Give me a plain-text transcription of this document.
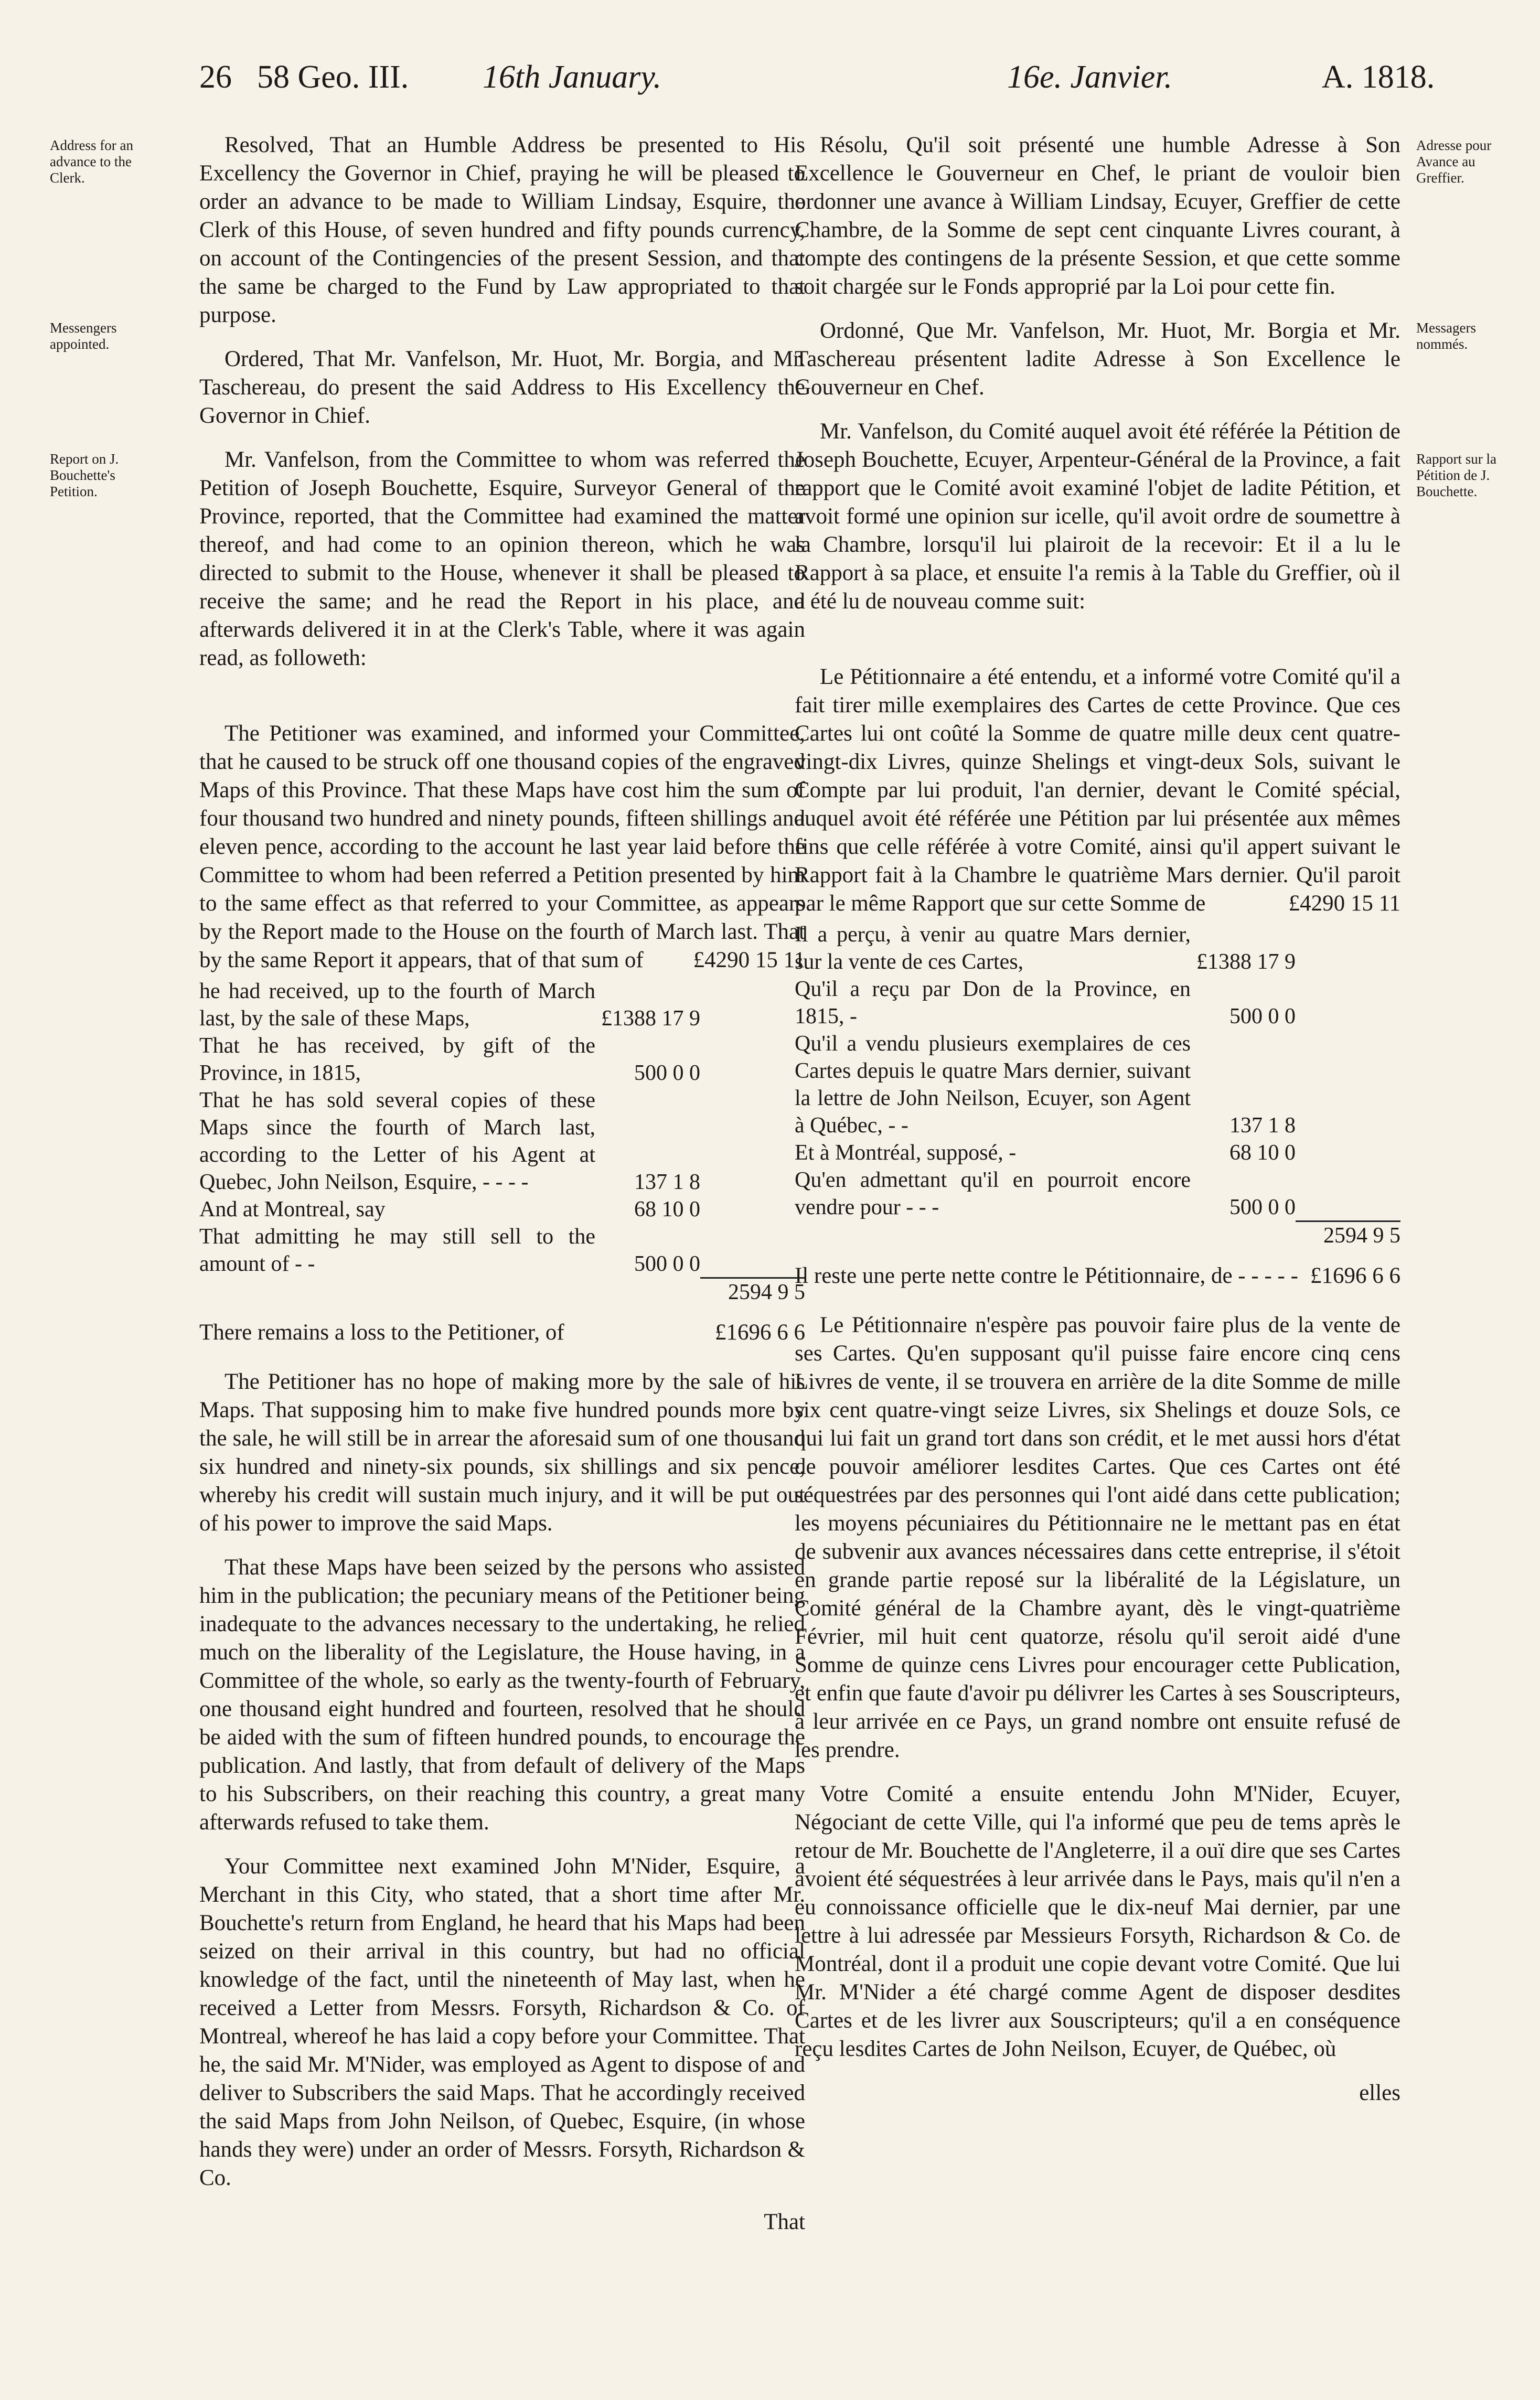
26 58 Geo. III. 16th January.	16e. Janvier.	A. 1818.
Address for an advance to the Clerk.
Messengers appointed.
Report on J. Bouchette's Petition.
Adresse pour Avance au Greffier.
Messagers nommés.
Rapport sur la Pétition de J. Bouchette.

Resolved, That an Humble Address be presented to His Excellency the Governor in Chief, praying he will be pleased to order an advance to be made to William Lindsay, Esquire, the Clerk of this House, of seven hundred and fifty pounds currency, on account of the Contingencies of the present Session, and that the same be charged to the Fund by Law appropriated to that purpose.

Ordered, That Mr. Vanfelson, Mr. Huot, Mr. Borgia, and Mr. Taschereau, do present the said Address to His Excellency the Governor in Chief.

Mr. Vanfelson, from the Committee to whom was referred the Petition of Joseph Bouchette, Esquire, Surveyor General of the Province, reported, that the Committee had examined the matter thereof, and had come to an opinion thereon, which he was directed to submit to the House, whenever it shall be pleased to receive the same; and he read the Report in his place, and afterwards delivered it in at the Clerk's Table, where it was again read, as followeth:

The Petitioner was examined, and informed your Committee, that he caused to be struck off one thousand copies of the engraved Maps of this Province. That these Maps have cost him the sum of four thousand two hundred and ninety pounds, fifteen shillings and eleven pence, according to the account he last year laid before the Committee to whom had been referred a Petition presented by him to the same effect as that referred to your Committee, as appears by the Report made to the House on the fourth of March last. That by the same Report it appears, that of that sum of	£4290 15 11

he had received, up to the fourth of March last, by the sale of these Maps,	£1388 17 9	
That he has received, by gift of the Province, in 1815,	500 0 0	
That he has sold several copies of these Maps since the fourth of March last, according to the Letter of his Agent at Quebec, John Neilson, Esquire, - - - -	137 1 8	
And at Montreal, say	68 10 0	
That admitting he may still sell to the amount of - -	500 0 0	
		2594 9 5
There remains a loss to the Petitioner, of	£1696 6 6

The Petitioner has no hope of making more by the sale of his Maps. That supposing him to make five hundred pounds more by the sale, he will still be in arrear the aforesaid sum of one thousand six hundred and ninety-six pounds, six shillings and six pence, whereby his credit will sustain much injury, and it will be put out of his power to improve the said Maps.

That these Maps have been seized by the persons who assisted him in the publication; the pecuniary means of the Petitioner being inadequate to the advances necessary to the undertaking, he relied much on the liberality of the Legislature, the House having, in a Committee of the whole, so early as the twenty-fourth of February, one thousand eight hundred and fourteen, resolved that he should be aided with the sum of fifteen hundred pounds, to encourage the publication. And lastly, that from default of delivery of the Maps to his Subscribers, on their reaching this country, a great many afterwards refused to take them.

Your Committee next examined John M'Nider, Esquire, a Merchant in this City, who stated, that a short time after Mr. Bouchette's return from England, he heard that his Maps had been seized on their arrival in this country, but had no official knowledge of the fact, until the nineteenth of May last, when he received a Letter from Messrs. Forsyth, Richardson & Co. of Montreal, whereof he has laid a copy before your Committee. That he, the said Mr. M'Nider, was employed as Agent to dispose of and deliver to Subscribers the said Maps. That he accordingly received the said Maps from John Neilson, of Quebec, Esquire, (in whose hands they were) under an order of Messrs. Forsyth, Richardson & Co.

That

Résolu, Qu'il soit présenté une humble Adresse à Son Excellence le Gouverneur en Chef, le priant de vouloir bien ordonner une avance à William Lindsay, Ecuyer, Greffier de cette Chambre, de la Somme de sept cent cinquante Livres courant, à compte des contingens de la présente Session, et que cette somme soit chargée sur le Fonds approprié par la Loi pour cette fin.

Ordonné, Que Mr. Vanfelson, Mr. Huot, Mr. Borgia et Mr. Taschereau présentent ladite Adresse à Son Excellence le Gouverneur en Chef.

Mr. Vanfelson, du Comité auquel avoit été référée la Pétition de Joseph Bouchette, Ecuyer, Arpenteur-Général de la Province, a fait rapport que le Comité avoit examiné l'objet de ladite Pétition, et avoit formé une opinion sur icelle, qu'il avoit ordre de soumettre à la Chambre, lorsqu'il lui plairoit de la recevoir: Et il a lu le Rapport à sa place, et ensuite l'a remis à la Table du Greffier, où il a été lu de nouveau comme suit:

Le Pétitionnaire a été entendu, et a informé votre Comité qu'il a fait tirer mille exemplaires des Cartes de cette Province. Que ces Cartes lui ont coûté la Somme de quatre mille deux cent quatre-vingt-dix Livres, quinze Shelings et vingt-deux Sols, suivant le Compte par lui produit, l'an dernier, devant le Comité spécial, auquel avoit été référée une Pétition par lui présentée aux mêmes fins que celle référée à votre Comité, ainsi qu'il appert suivant le Rapport fait à la Chambre le quatrième Mars dernier. Qu'il paroit par le même Rapport que sur cette Somme de	£4290 15 11

Il a perçu, à venir au quatre Mars dernier, sur la vente de ces Cartes,	£1388 17 9	
Qu'il a reçu par Don de la Province, en 1815, -	500 0 0	
Qu'il a vendu plusieurs exemplaires de ces Cartes depuis le quatre Mars dernier, suivant la lettre de John Neilson, Ecuyer, son Agent à Québec, - -	137 1 8	
Et à Montréal, supposé, -	68 10 0	
Qu'en admettant qu'il en pourroit encore vendre pour - - -	500 0 0	
		2594 9 5
Il reste une perte nette contre le Pétitionnaire, de - - - - - £1696 6 6

Le Pétitionnaire n'espère pas pouvoir faire plus de la vente de ses Cartes. Qu'en supposant qu'il puisse faire encore cinq cens Livres de vente, il se trouvera en arrière de la dite Somme de mille six cent quatre-vingt seize Livres, six Shelings et douze Sols, ce qui lui fait un grand tort dans son crédit, et le met aussi hors d'état de pouvoir améliorer lesdites Cartes. Que ces Cartes ont été séquestrées par des personnes qui l'ont aidé dans cette publication; les moyens pécuniaires du Pétitionnaire ne le mettant pas en état de subvenir aux avances nécessaires dans cette entreprise, il s'étoit en grande partie reposé sur la libéralité de la Législature, un Comité général de la Chambre ayant, dès le vingt-quatrième Février, mil huit cent quatorze, résolu qu'il seroit aidé d'une Somme de quinze cens Livres pour encourager cette Publication, et enfin que faute d'avoir pu délivrer les Cartes à ses Souscripteurs, à leur arrivée en ce Pays, un grand nombre ont ensuite refusé de les prendre.

Votre Comité a ensuite entendu John M'Nider, Ecuyer, Négociant de cette Ville, qui l'a informé que peu de tems après le retour de Mr. Bouchette de l'Angleterre, il a ouï dire que ses Cartes avoient été séquestrées à leur arrivée dans le Pays, mais qu'il n'en a eu connoissance officielle que le dix-neuf Mai dernier, par une lettre à lui adressée par Messieurs Forsyth, Richardson & Co. de Montréal, dont il a produit une copie devant votre Comité. Que lui Mr. M'Nider a été chargé comme Agent de disposer desdites Cartes et de les livrer aux Souscripteurs; qu'il a en conséquence reçu lesdites Cartes de John Neilson, Ecuyer, de Québec, où

elles
